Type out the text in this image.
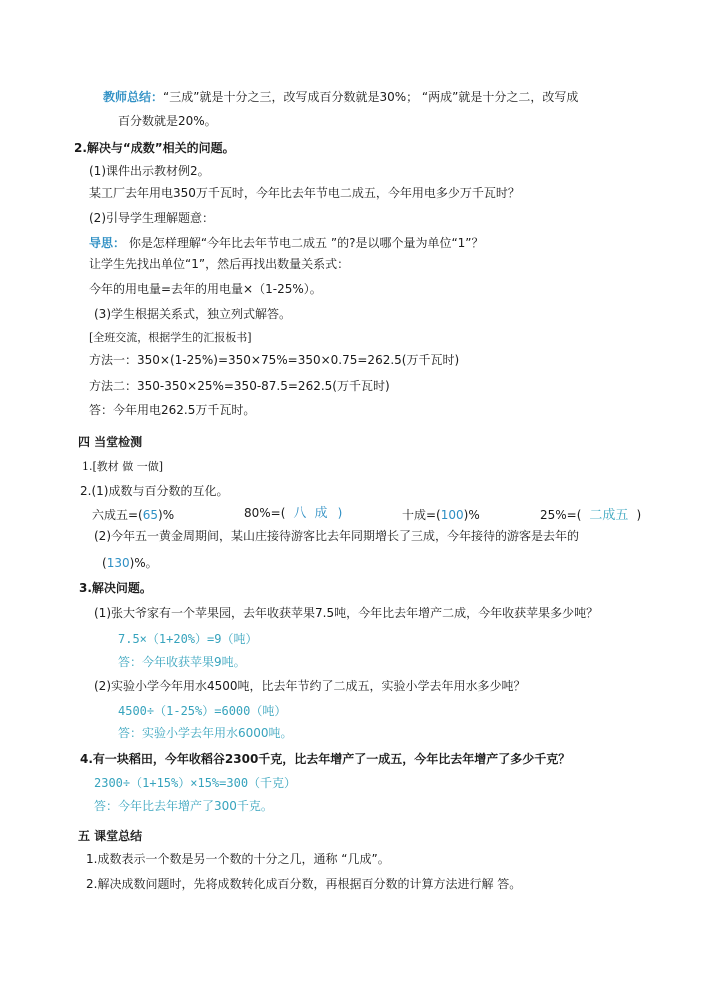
教师总结：“三成”就是十分之三，改写成百分数就是30%； “两成”就是十分之二，改写成
百分数就是20%。
2.解决与“成数”相关的问题。
(1)课件出示教材例2。
某工厂去年用电350万千瓦时，今年比去年节电二成五，今年用电多少万千瓦时？
(2)引导学生理解题意：
导思： 你是怎样理解“今年比去年节电二成五 ”的?是以哪个量为单位“1”？
让学生先找出单位“1”，然后再找出数量关系式：
今年的用电量=去年的用电量×（1-25%）。
(3)学生根据关系式，独立列式解答。
[全班交流，根据学生的汇报板书]
方法一：350×(1-25%)=350×75%=350×0.75=262.5(万千瓦时)
方法二：350-350×25%=350-87.5=262.5(万千瓦时)
答：今年用电262.5万千瓦时。
四 当堂检测
1.[教材 做 一做]
2.(1)成数与百分数的互化。
六成五=(65)%	80%=( 八 成 )	十成=(100)%	25%=( 二成五 )
(2)今年五一黄金周期间，某山庄接待游客比去年同期增长了三成，今年接待的游客是去年的
(130)%。
3.解决问题。
(1)张大爷家有一个苹果园，去年收获苹果7.5吨，今年比去年增产二成，今年收获苹果多少吨？
7.5×（1+20%）=9（吨）
答：今年收获苹果9吨。
(2)实验小学今年用水4500吨，比去年节约了二成五，实验小学去年用水多少吨？
4500÷（1-25%）=6000（吨）
答：实验小学去年用水6000吨。
4.有一块稻田，今年收稻谷2300千克，比去年增产了一成五，今年比去年增产了多少千克？
2300÷（1+15%）×15%=300（千克）
答：今年比去年增产了300千克。
五 课堂总结
1.成数表示一个数是另一个数的十分之几，通称 “几成”。
2.解决成数问题时，先将成数转化成百分数，再根据百分数的计算方法进行解 答。
